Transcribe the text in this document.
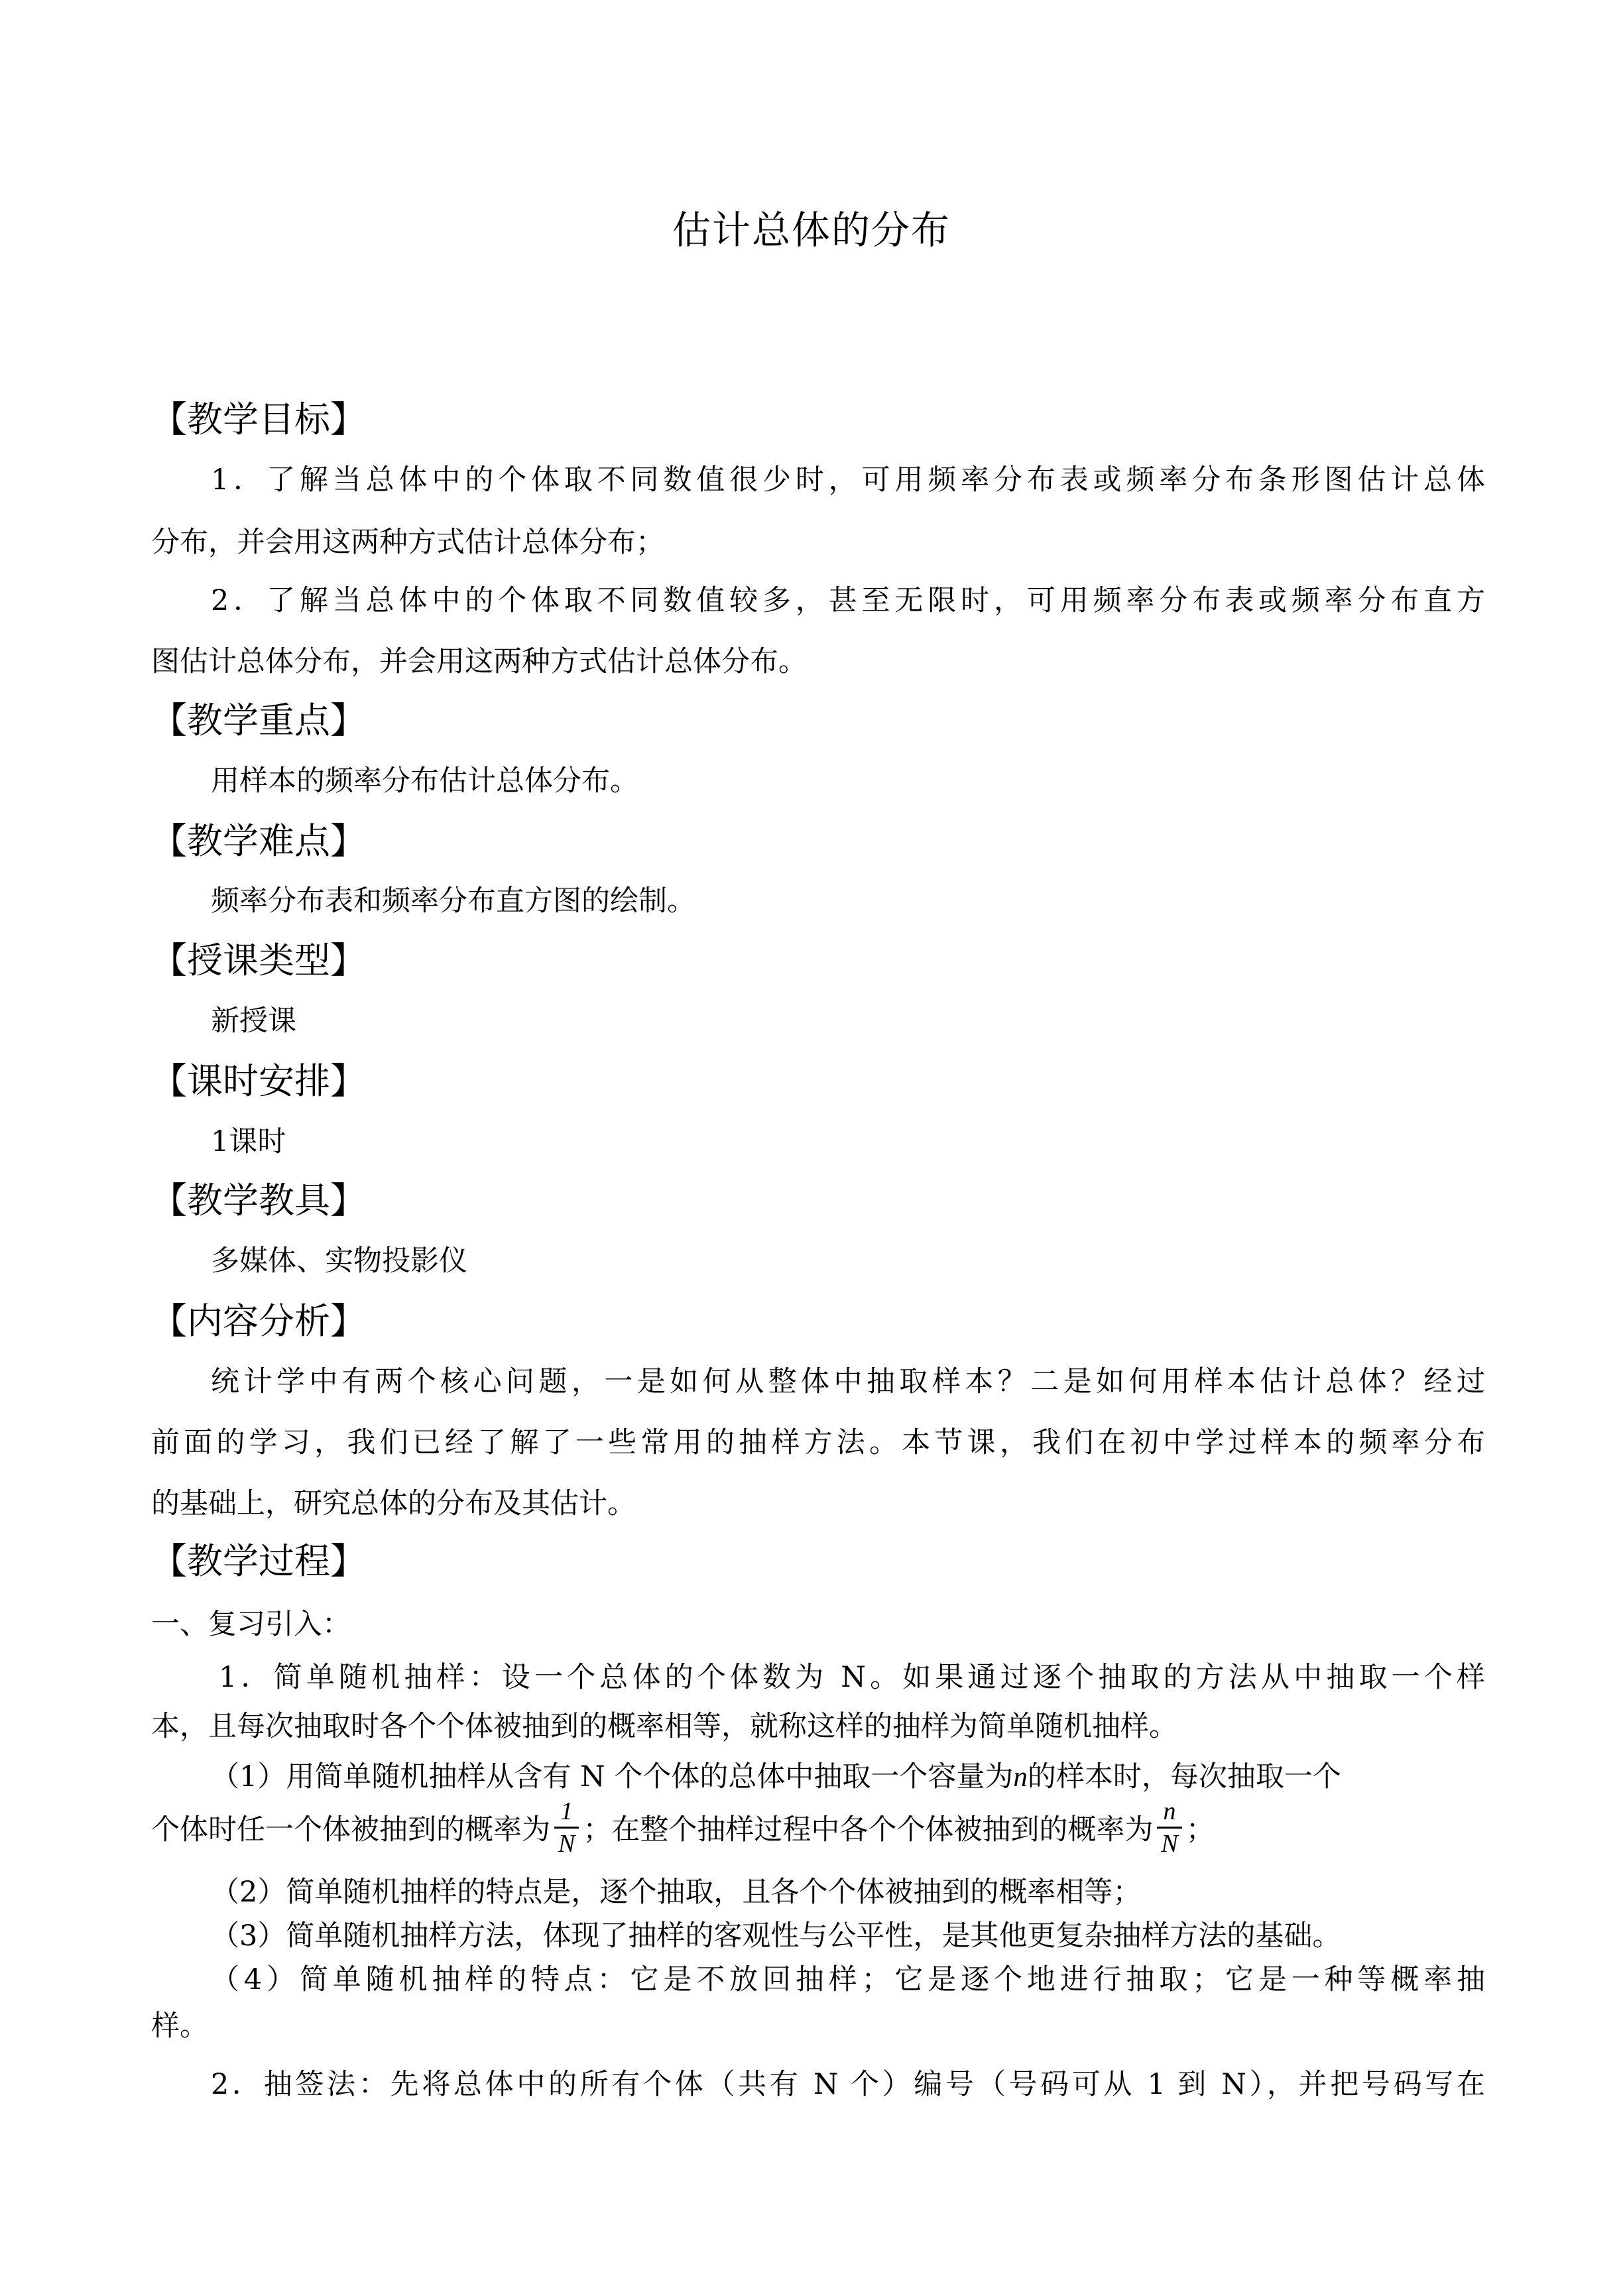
估计总体的分布
【教学目标】
1．了解当总体中的个体取不同数值很少时，可用频率分布表或频率分布条形图估计总体
分布，并会用这两种方式估计总体分布；
2．了解当总体中的个体取不同数值较多，甚至无限时，可用频率分布表或频率分布直方
图估计总体分布，并会用这两种方式估计总体分布。
【教学重点】
用样本的频率分布估计总体分布。
【教学难点】
频率分布表和频率分布直方图的绘制。
【授课类型】
新授课
【课时安排】
1课时
【教学教具】
多媒体、实物投影仪
【内容分析】
统计学中有两个核心问题，一是如何从整体中抽取样本？二是如何用样本估计总体？经过
前面的学习，我们已经了解了一些常用的抽样方法。本节课，我们在初中学过样本的频率分布
的基础上，研究总体的分布及其估计。
【教学过程】
一、复习引入：
1．简单随机抽样：设一个总体的个体数为 N。如果通过逐个抽取的方法从中抽取一个样
本，且每次抽取时各个个体被抽到的概率相等，就称这样的抽样为简单随机抽样。
（1）用简单随机抽样从含有 N 个个体的总体中抽取一个容量为n的样本时，每次抽取一个
个体时任一个体被抽到的概率为 $\frac{1}{N}$ ；在整个抽样过程中各个个体被抽到的概率为 $\frac{n}{N}$ ；
（2）简单随机抽样的特点是，逐个抽取，且各个个体被抽到的概率相等；
（3）简单随机抽样方法，体现了抽样的客观性与公平性，是其他更复杂抽样方法的基础。
（4）简单随机抽样的特点：它是不放回抽样；它是逐个地进行抽取；它是一种等概率抽
样。
2．抽签法：先将总体中的所有个体（共有 N 个）编号（号码可从 1 到 N），并把号码写在
